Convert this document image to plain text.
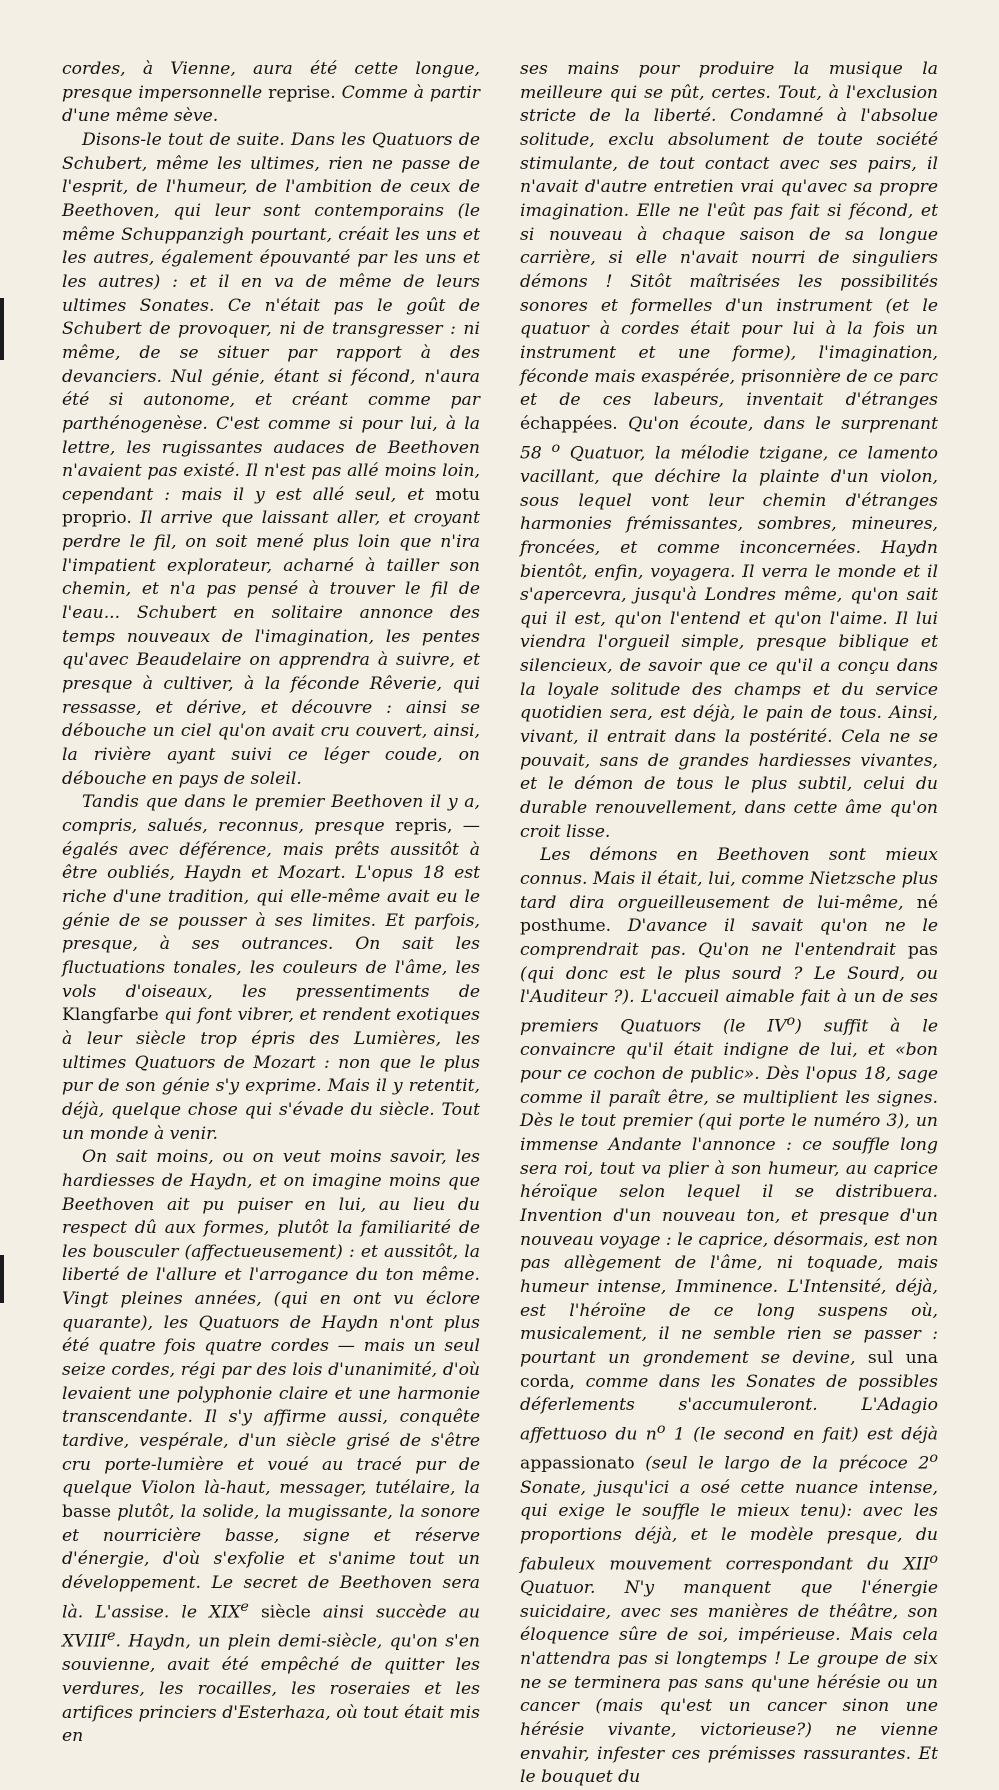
cordes, à Vienne, aura été cette longue, presque impersonnelle reprise. Comme à partir d'une même sève.

Disons-le tout de suite. Dans les Quatuors de Schubert, même les ultimes, rien ne passe de l'esprit, de l'humeur, de l'ambition de ceux de Beethoven, qui leur sont contemporains (le même Schuppanzigh pourtant, créait les uns et les autres, également épouvanté par les uns et les autres) : et il en va de même de leurs ultimes Sonates. Ce n'était pas le goût de Schubert de provoquer, ni de transgresser : ni même, de se situer par rapport à des devanciers. Nul génie, étant si fécond, n'aura été si autonome, et créant comme par parthénogenèse. C'est comme si pour lui, à la lettre, les rugissantes audaces de Beethoven n'avaient pas existé. Il n'est pas allé moins loin, cependant : mais il y est allé seul, et motu proprio. Il arrive que laissant aller, et croyant perdre le fil, on soit mené plus loin que n'ira l'impatient explorateur, acharné à tailler son chemin, et n'a pas pensé à trouver le fil de l'eau... Schubert en solitaire annonce des temps nouveaux de l'imagination, les pentes qu'avec Beaudelaire on apprendra à suivre, et presque à cultiver, à la féconde Rêverie, qui ressasse, et dérive, et découvre : ainsi se débouche un ciel qu'on avait cru couvert, ainsi, la rivière ayant suivi ce léger coude, on débouche en pays de soleil.

Tandis que dans le premier Beethoven il y a, compris, salués, reconnus, presque repris, — égalés avec déférence, mais prêts aussitôt à être oubliés, Haydn et Mozart. L'opus 18 est riche d'une tradition, qui elle-même avait eu le génie de se pousser à ses limites. Et parfois, presque, à ses outrances. On sait les fluctuations tonales, les couleurs de l'âme, les vols d'oiseaux, les pressentiments de Klangfarbe qui font vibrer, et rendent exotiques à leur siècle trop épris des Lumières, les ultimes Quatuors de Mozart : non que le plus pur de son génie s'y exprime. Mais il y retentit, déjà, quelque chose qui s'évade du siècle. Tout un monde à venir.

On sait moins, ou on veut moins savoir, les hardiesses de Haydn, et on imagine moins que Beethoven ait pu puiser en lui, au lieu du respect dû aux formes, plutôt la familiarité de les bousculer (affectueusement) : et aussitôt, la liberté de l'allure et l'arrogance du ton même. Vingt pleines années, (qui en ont vu éclore quarante), les Quatuors de Haydn n'ont plus été quatre fois quatre cordes — mais un seul seize cordes, régi par des lois d'unanimité, d'où levaient une polyphonie claire et une harmonie transcendante. Il s'y affirme aussi, conquête tardive, vespérale, d'un siècle grisé de s'être cru porte-lumière et voué au tracé pur de quelque Violon là-haut, messager, tutélaire, la basse plutôt, la solide, la mugissante, la sonore et nourricière basse, signe et réserve d'énergie, d'où s'exfolie et s'anime tout un développement. Le secret de Beethoven sera là. L'assise. le XIXe siècle ainsi succède au XVIIIe. Haydn, un plein demi-siècle, qu'on s'en souvienne, avait été empêché de quitter les verdures, les rocailles, les roseraies et les artifices princiers d'Esterhaza, où tout était mis en

ses mains pour produire la musique la meilleure qui se pût, certes. Tout, à l'exclusion stricte de la liberté. Condamné à l'absolue solitude, exclu absolument de toute société stimulante, de tout contact avec ses pairs, il n'avait d'autre entretien vrai qu'avec sa propre imagination. Elle ne l'eût pas fait si fécond, et si nouveau à chaque saison de sa longue carrière, si elle n'avait nourri de singuliers démons ! Sitôt maîtrisées les possibilités sonores et formelles d'un instrument (et le quatuor à cordes était pour lui à la fois un instrument et une forme), l'imagination, féconde mais exaspérée, prisonnière de ce parc et de ces labeurs, inventait d'étranges échappées. Qu'on écoute, dans le surprenant 58 $^o$ Quatuor, la mélodie tzigane, ce lamento vacillant, que déchire la plainte d'un violon, sous lequel vont leur chemin d'étranges harmonies frémissantes, sombres, mineures, froncées, et comme inconcernées. Haydn bientôt, enfin, voyagera. Il verra le monde et il s'apercevra, jusqu'à Londres même, qu'on sait qui il est, qu'on l'entend et qu'on l'aime. Il lui viendra l'orgueil simple, presque biblique et silencieux, de savoir que ce qu'il a conçu dans la loyale solitude des champs et du service quotidien sera, est déjà, le pain de tous. Ainsi, vivant, il entrait dans la postérité. Cela ne se pouvait, sans de grandes hardiesses vivantes, et le démon de tous le plus subtil, celui du durable renouvellement, dans cette âme qu'on croit lisse.

Les démons en Beethoven sont mieux connus. Mais il était, lui, comme Nietzsche plus tard dira orgueilleusement de lui-même, né posthume. D'avance il savait qu'on ne le comprendrait pas. Qu'on ne l'entendrait pas (qui donc est le plus sourd ? Le Sourd, ou l'Auditeur ?). L'accueil aimable fait à un de ses premiers Quatuors (le $IV^o$) suffit à le convaincre qu'il était indigne de lui, et «bon pour ce cochon de public». Dès l'opus 18, sage comme il paraît être, se multiplient les signes. Dès le tout premier (qui porte le numéro 3), un immense Andante l'annonce : ce souffle long sera roi, tout va plier à son humeur, au caprice héroïque selon lequel il se distribuera. Invention d'un nouveau ton, et presque d'un nouveau voyage : le caprice, désormais, est non pas allègement de l'âme, ni toquade, mais humeur intense, Imminence. L'Intensité, déjà, est l'héroïne de ce long suspens où, musicalement, il ne semble rien se passer : pourtant un grondement se devine, sul una corda, comme dans les Sonates de possibles déferlements s'accumuleront. L'Adagio affettuoso du $n^o$ 1 (le second en fait) est déjà appassionato (seul le largo de la précoce 2$^o$ Sonate, jusqu'ici a osé cette nuance intense, qui exige le souffle le mieux tenu): avec les proportions déjà, et le modèle presque, du fabuleux mouvement correspondant du XII$^o$ Quatuor. N'y manquent que l'énergie suicidaire, avec ses manières de théâtre, son éloquence sûre de soi, impérieuse. Mais cela n'attendra pas si longtemps ! Le groupe de six ne se terminera pas sans qu'une hérésie ou un cancer (mais qu'est un cancer sinon une hérésie vivante, victorieuse?) ne vienne envahir, infester ces prémisses rassurantes. Et le bouquet du
